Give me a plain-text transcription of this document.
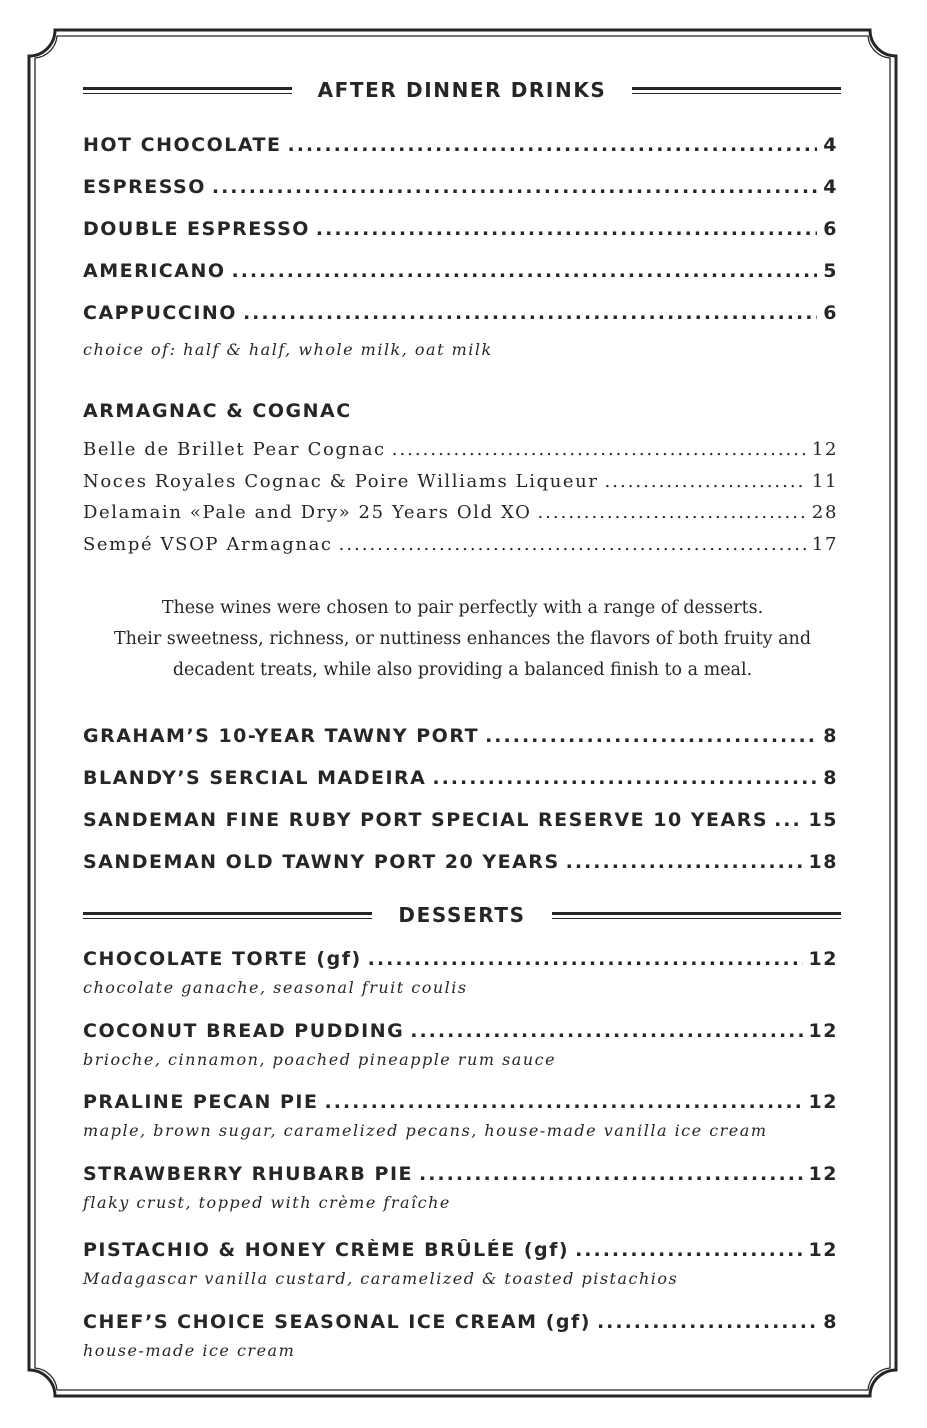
AFTER DINNER DRINKS
HOT CHOCOLATE .....	4
ESPRESSO .....	4
DOUBLE ESPRESSO .....	6
AMERICANO .....	5
CAPPUCCINO .....	6
choice of: half & half, whole milk, oat milk
ARMAGNAC & COGNAC
Belle de Brillet Pear Cognac .....	12
Noces Royales Cognac & Poire Williams Liqueur .....	11
Delamain «Pale and Dry» 25 Years Old XO .....	28
Sempé VSOP Armagnac .....	17
These wines were chosen to pair perfectly with a range of desserts.
Their sweetness, richness, or nuttiness enhances the flavors of both fruity and
decadent treats, while also providing a balanced finish to a meal.
GRAHAM’S 10-YEAR TAWNY PORT .....	8
BLANDY’S SERCIAL MADEIRA .....	8
SANDEMAN FINE RUBY PORT SPECIAL RESERVE 10 YEARS ..... 15
SANDEMAN OLD TAWNY PORT 20 YEARS .....	18
DESSERTS
CHOCOLATE TORTE (gf) .....	12
chocolate ganache, seasonal fruit coulis
COCONUT BREAD PUDDING .....	12
brioche, cinnamon, poached pineapple rum sauce
PRALINE PECAN PIE .....	12
maple, brown sugar, caramelized pecans, house-made vanilla ice cream
STRAWBERRY RHUBARB PIE .....	12
flaky crust, topped with crème fraîche
PISTACHIO & HONEY CRÈME BRÛLÉE (gf) .....	12
Madagascar vanilla custard, caramelized & toasted pistachios
CHEF’S CHOICE SEASONAL ICE CREAM (gf) .....	8
house-made ice cream
